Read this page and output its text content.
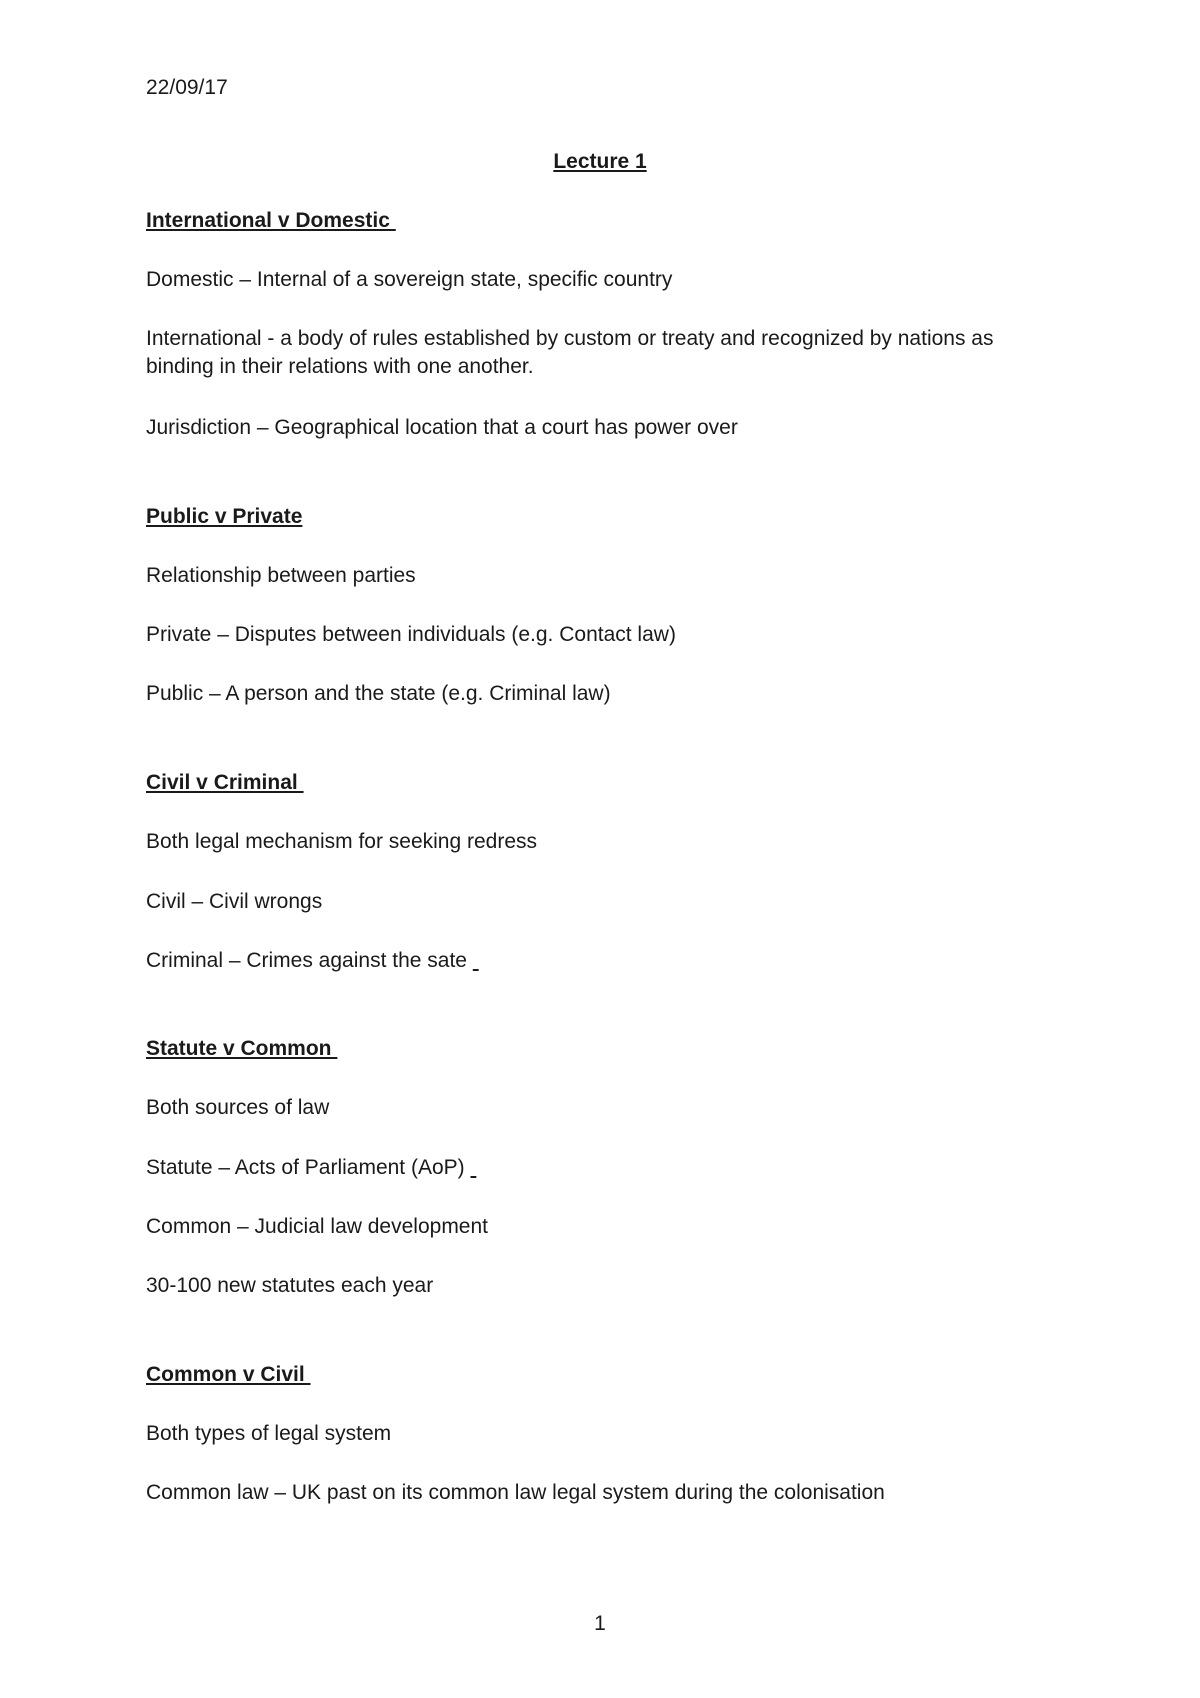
22/09/17

Lecture 1

International v Domestic

Domestic – Internal of a sovereign state, specific country

International - a body of rules established by custom or treaty and recognized by nations as binding in their relations with one another.

Jurisdiction – Geographical location that a court has power over

Public v Private

Relationship between parties

Private – Disputes between individuals (e.g. Contact law)

Public – A person and the state (e.g. Criminal law)

Civil v Criminal

Both legal mechanism for seeking redress

Civil – Civil wrongs

Criminal – Crimes against the sate

Statute v Common

Both sources of law

Statute – Acts of Parliament (AoP)

Common – Judicial law development

30-100 new statutes each year

Common v Civil

Both types of legal system

Common law – UK past on its common law legal system during the colonisation

1
